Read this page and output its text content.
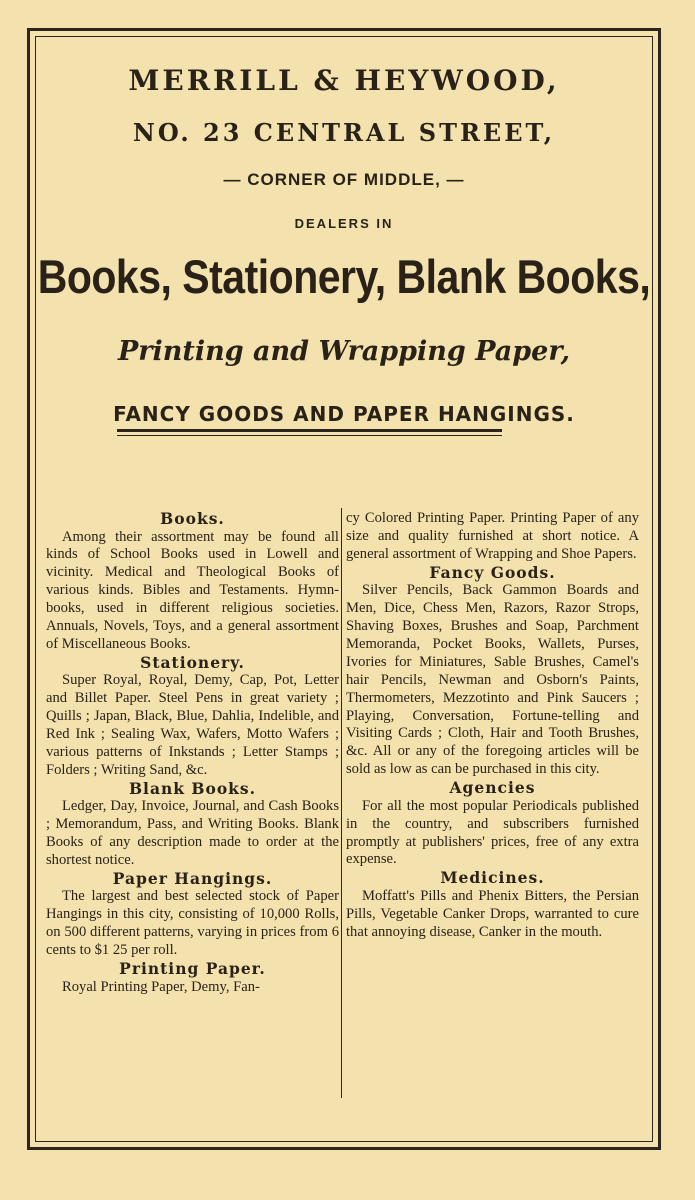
MERRILL & HEYWOOD,
NO. 23 CENTRAL STREET,
— CORNER OF MIDDLE, —
DEALERS IN
Books, Stationery, Blank Books,
Printing and Wrapping Paper,
FANCY GOODS AND PAPER HANGINGS.
Books.
Among their assortment may be found all kinds of School Books used in Lowell and vicinity. Medical and Theological Books of various kinds. Bibles and Testaments. Hymn-books, used in different religious societies. Annuals, Novels, Toys, and a general assortment of Miscellaneous Books.
Stationery.
Super Royal, Royal, Demy, Cap, Pot, Letter and Billet Paper. Steel Pens in great variety ; Quills ; Japan, Black, Blue, Dahlia, Indelible, and Red Ink ; Sealing Wax, Wafers, Motto Wafers ; various patterns of Inkstands ; Letter Stamps ; Folders ; Writing Sand, &c.
Blank Books.
Ledger, Day, Invoice, Journal, and Cash Books ; Memorandum, Pass, and Writing Books. Blank Books of any description made to order at the shortest notice.
Paper Hangings.
The largest and best selected stock of Paper Hangings in this city, consisting of 10,000 Rolls, on 500 different patterns, varying in prices from 6 cents to $1 25 per roll.
Printing Paper.
Royal Printing Paper, Demy, Fan-
cy Colored Printing Paper. Printing Paper of any size and quality furnished at short notice. A general assortment of Wrapping and Shoe Papers.
Fancy Goods.
Silver Pencils, Back Gammon Boards and Men, Dice, Chess Men, Razors, Razor Strops, Shaving Boxes, Brushes and Soap, Parchment Memoranda, Pocket Books, Wallets, Purses, Ivories for Miniatures, Sable Brushes, Camel's hair Pencils, Newman and Osborn's Paints, Thermometers, Mezzotinto and Pink Saucers ; Playing, Conversation, Fortune-telling and Visiting Cards ; Cloth, Hair and Tooth Brushes, &c. All or any of the foregoing articles will be sold as low as can be purchased in this city.
Agencies
For all the most popular Periodicals published in the country, and subscribers furnished promptly at publishers' prices, free of any extra expense.
Medicines.
Moffatt's Pills and Phenix Bitters, the Persian Pills, Vegetable Canker Drops, warranted to cure that annoying disease, Canker in the mouth.
